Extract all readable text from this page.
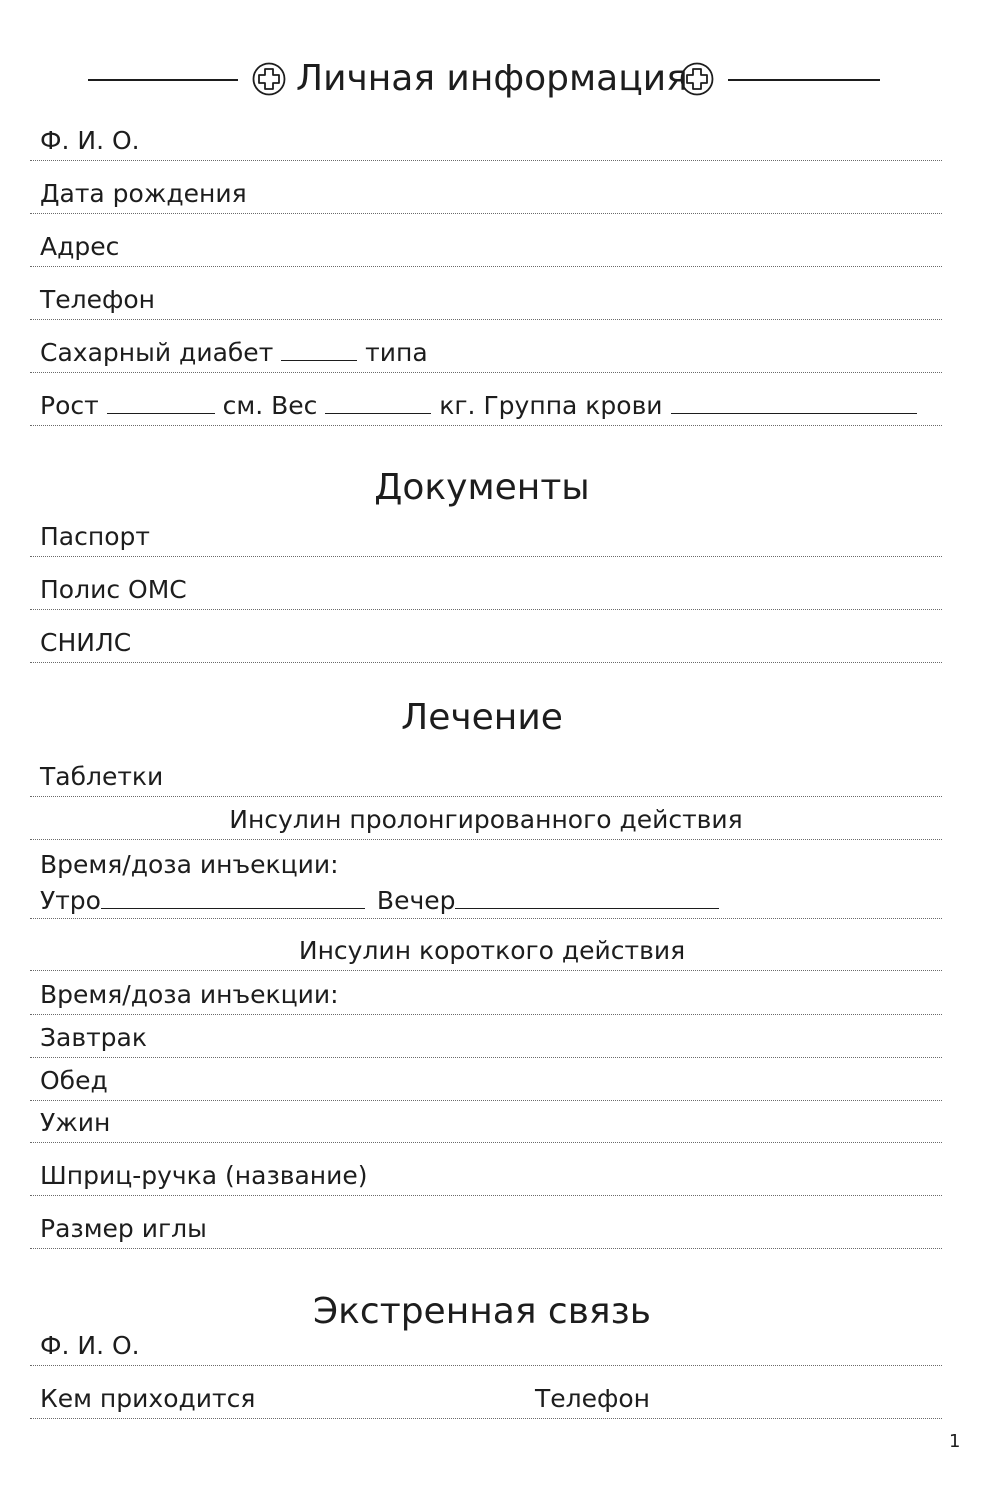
Личная информация
Ф. И. О.
Дата рождения
Адрес
Телефон
Сахарный диабет	типа
Рост	см. Вес	кг. Группа крови
Документы
Паспорт
Полис ОМС
СНИЛС
Лечение
Таблетки
Инсулин пролонгированного действия
Время/доза инъекции:
Утро	Вечер
Инсулин короткого действия
Время/доза инъекции:
Завтрак
Обед
Ужин
Шприц-ручка (название)
Размер иглы
Экстренная связь
Ф. И. О.
Кем приходится	Телефон
1
